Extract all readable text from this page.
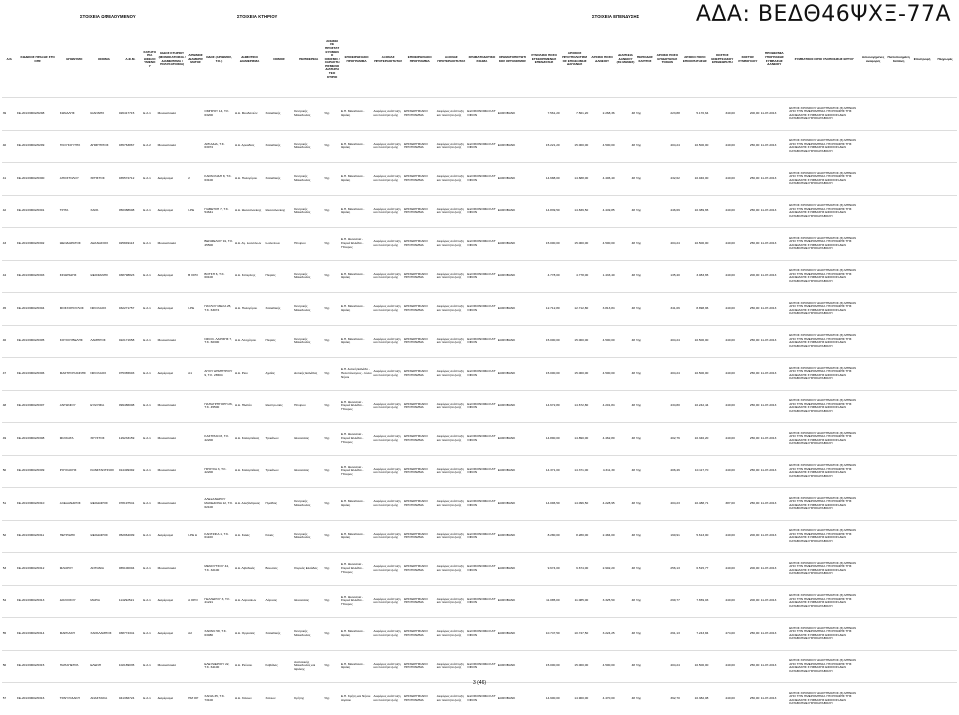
ΑΔΑ: ΒΕΔΘ46ΨΧΞ-77Α
ΣΤΟΙΧΕΙΑ ΩΦΕΛΟΥΜΕΝΟΥ	ΣΤΟΙΧΕΙΑ ΚΤΗΡΙΟΥ	ΣΤΟΙΧΕΙΑ ΕΠΕΝΔΥΣΗΣ
Α/Α	ΚΩΔΙΚΟΣ ΠΡΑΞΗΣ ΣΤΟ ΟΠΣ	ΕΠΩΝΥΜΟ	ΟΝΟΜΑ	Α.Φ.Μ.	ΚΑΤΗΓΟΡΙΑ ΩΦΕΛΟΥΜΕΝΟΥ	ΕΙΔΟΣ ΚΤΗΡΙΟΥ (ΜΟΝΟΚΑΤΟΙΚΙΑ / ΔΙΑΜΕΡΙΣΜΑ / ΠΟΛΥΚΑΤΟΙΚΙΑ)	ΑΡΙΘΜΟΣ ΔΙΑΜΕΡΙΣΜΑΤΟΣ	ΟΔΟΣ (ΑΡΙΘΜΟΣ, Τ.Κ.)	ΔΗΜΟΤΙΚΟ ΔΙΑΜΕΡΙΣΜΑ	ΝΟΜΟΣ	ΠΕΡΙΦΕΡΕΙΑ	ΑΝΗΚΕΙ ΣΕ ΠΡΟΣΤΑΤΕΥΟΜΕΝΟ ΟΙΚΙΣΜΟ / ΧΑΡΑΚΤΗΡΙΣΜΕΝΟ ΔΙΑΤΗΡΗΤΕΟ ΚΤΙΡΙΟ	ΕΠΙΧΕΙΡΗΣΙΑΚΟ ΠΡΟΓΡΑΜΜΑ	ΑΞΟΝΑΣ ΠΡΟΤΕΡΑΙΟΤΗΤΑΣ	ΕΠΙΧΕΙΡΗΣΙΑΚΟ ΠΡΟΓΡΑΜΜΑ	ΑΞΟΝΑΣ ΠΡΟΤΕΡΑΙΟΤΗΤΑΣ	ΧΡΗΜΑΤΟΔΟΤΙΚΟ ΣΧΗΜΑ	ΧΡΗΜΑΤΟΠΙΣΤΩΤΙΚΟΣ ΟΡΓΑΝΙΣΜΟΣ	ΣΥΝΟΛΙΚΟ ΠΟΣΟ ΕΓΚΕΚΡΙΜΕΝΗΣ ΕΠΕΝΔΥΣΗΣ	ΑΡΧΙΚΟΣ ΠΡΟΥΠΟΛΟΓΙΣΜΟΣ ΕΠΙΛΕΞΙΜΗΣ ΔΑΠΑΝΗΣ	ΑΡΧΙΚΟ ΠΟΣΟ ΔΑΝΕΙΟΥ	ΔΙΑΡΚΕΙΑ ΔΑΝΕΙΟΥ (ΣΕ ΜΗΝΕΣ)	ΠΕΡΙΟΔΟΣ ΧΑΡΙΤΟΣ	ΑΡΧΙΚΟ ΠΟΣΟ ΕΠΙΔΟΤΗΣΗΣ ΤΟΚΩΝ	ΑΡΧΙΚΟ ΠΟΣΟ ΕΠΙΧΟΡΗΓΗΣΗΣ	ΚΟΣΤΟΣ ΕΝΕΡΓΕΙΑΚΟΥ ΕΠΙΘΕΩΡΗΤΗ	ΚΟΣΤΟΣ ΣΥΜΒΟΥΛΟΥ	ΠΡΟΘΕΣΜΙΑ ΥΠΟΓΡΑΦΗΣ ΣΥΜΒΑΣΗΣ ΔΑΝΕΙΟΥ	ΣΥΜΒΑΤΙΚΟΙ ΟΡΟΙ ΥΛΟΠΟΙΗΣΗΣ ΕΡΓΟΥ	Αιτιολογημένες αναφορές	Πιστοποιημένη δαπάνη	Επιστροφή	Πληρωμές
39	ΣΕ-2013/0602/0298	ΚΩΝΑΛΗΣ	ΙΩΑΝΝΗΣ	026417715	Ε.Α.1	Μονοκατοικία		ΟΜΗΡΟΥ 14, Τ.Κ. 63200	Δ.Δ. Μουδανιών	Χαλκιδικής	Κεντρικής Μακεδονίας	Όχι	Ε.Π. Μακεδονία - Θράκη	Αειφόρος ανάπτυξη και ποιότητα ζωής	ΕΠΙΧΕΙΡΗΣΙΑΚΟ ΠΡΟΓΡΑΜΜΑ	Αειφόρος ανάπτυξη και ποιότητα ζωής	ΕΞΟΙΚΟΝΟΜΩ ΚΑΤ' ΟΙΚΟΝ	EUROBANK	7.561,20	7.561,20	2.268,36	48	Όχι	223,88	5.170,64	340,00	200,00	11-07-2013	ΕΝΤΟΣ ΧΡΟΝΙΚΟΥ ΔΙΑΣΤΗΜΑΤΟΣ (6) ΜΗΝΩΝ ΑΠΟ ΤΗΝ ΗΜΕΡΟΜΗΝΙΑ ΥΠΟΓΡΑΦΗΣ ΤΗΣ ΔΑΝΕΙΑΚΗΣ ΣΥΜΒΑΣΗΣ ΕΦΟΣΟΝ ΔΕΝ ΚΑΤΑΒΛΗΘΕΙ ΠΡΟΚΑΤΑΒΟΛΗ				
40	ΣΕ-2013/0602/0299	ΓΚΟΥΚΟΥΤΗΣ	ΔΗΜΗΤΡΙΟΣ	035763867	Ε.Α.2	Μονοκατοικία		ΑΡΚΑΔΙΑ, Τ.Κ. 63074	Δ.Δ. Αρκαδίας	Χαλκιδικής	Κεντρικής Μακεδονίας	Όχι	Ε.Π. Μακεδονία - Θράκη	Αειφόρος ανάπτυξη και ποιότητα ζωής	ΕΠΙΧΕΙΡΗΣΙΑΚΟ ΠΡΟΓΡΑΜΜΑ	Αειφόρος ανάπτυξη και ποιότητα ζωής	ΕΞΟΙΚΟΝΟΜΩ ΚΑΤ' ΟΙΚΟΝ	EUROBANK	15.221,20	15.000,00	4.500,00	48	Όχι	404,24	10.500,00	440,00	250,00	11-07-2013	ΕΝΤΟΣ ΧΡΟΝΙΚΟΥ ΔΙΑΣΤΗΜΑΤΟΣ (6) ΜΗΝΩΝ ΑΠΟ ΤΗΝ ΗΜΕΡΟΜΗΝΙΑ ΥΠΟΓΡΑΦΗΣ ΤΗΣ ΔΑΝΕΙΑΚΗΣ ΣΥΜΒΑΣΗΣ ΕΦΟΣΟΝ ΔΕΝ ΚΑΤΑΒΛΗΘΕΙ ΠΡΟΚΑΤΑΒΟΛΗ				
41	ΣΕ-2013/0602/0300	ΑΠΟΣΤΟΛΟΥ	ΧΡΗΣΤΟΣ	035572712	Ε.Α.1	Διαμέρισμα	2	ΚΑΡΑΟΛΙΔΗ 8, Τ.Κ. 63100	Δ.Δ. Πολυγύρου	Χαλκιδικής	Κεντρικής Μακεδονίας	Όχι	Ε.Π. Μακεδονία - Θράκη	Αειφόρος ανάπτυξη και ποιότητα ζωής	ΕΠΙΧΕΙΡΗΣΙΑΚΟ ΠΡΟΓΡΑΜΜΑ	Αειφόρος ανάπτυξη και ποιότητα ζωής	ΕΞΟΙΚΟΝΟΜΩ ΚΑΤ' ΟΙΚΟΝ	EUROBANK	14.688,00	14.688,00	4.406,40	48	Όχι	432,62	10.046,00	440,00	250,00	11-07-2013	ΕΝΤΟΣ ΧΡΟΝΙΚΟΥ ΔΙΑΣΤΗΜΑΤΟΣ (6) ΜΗΝΩΝ ΑΠΟ ΤΗΝ ΗΜΕΡΟΜΗΝΙΑ ΥΠΟΓΡΑΦΗΣ ΤΗΣ ΔΑΝΕΙΑΚΗΣ ΣΥΜΒΑΣΗΣ ΕΦΟΣΟΝ ΔΕΝ ΚΑΤΑΒΛΗΘΕΙ ΠΡΟΚΑΤΑΒΟΛΗ				
42	ΣΕ-2013/0602/0301	ΤΡΙΤΑ	ΧΑΡΑ	050388608	Ε.Α.1	Διαμέρισμα	Ι-ΡΕ	ΓΙΑΒΕΤΣΗ 7, Τ.Κ. 54641	Δ.Δ. Θεσσαλονίκης	Θεσσαλονίκης	Κεντρικής Μακεδονίας	Όχι	Ε.Π. Μακεδονία - Θράκη	Αειφόρος ανάπτυξη και ποιότητα ζωής	ΕΠΙΧΕΙΡΗΣΙΑΚΟ ΠΡΟΓΡΑΜΜΑ	Αειφόρος ανάπτυξη και ποιότητα ζωής	ΕΞΟΙΚΟΝΟΜΩ ΚΑΤ' ΟΙΚΟΝ	EUROBANK	14.839,50	14.839,50	4.449,85	48	Όχι	446,69	10.389,65	440,00	250,00	11-07-2013	ΕΝΤΟΣ ΧΡΟΝΙΚΟΥ ΔΙΑΣΤΗΜΑΤΟΣ (6) ΜΗΝΩΝ ΑΠΟ ΤΗΝ ΗΜΕΡΟΜΗΝΙΑ ΥΠΟΓΡΑΦΗΣ ΤΗΣ ΔΑΝΕΙΑΚΗΣ ΣΥΜΒΑΣΗΣ ΕΦΟΣΟΝ ΔΕΝ ΚΑΤΑΒΛΗΘΕΙ ΠΡΟΚΑΤΑΒΟΛΗ				
43	ΣΕ-2013/0602/0302	ΘΕΟΔΩΡΑΤΟΣ	ΑΘΑΝΑΣΙΟΣ	025849113	Ε.Α.1	Μονοκατοικία		ΒΕΝΙΖΕΛΟΥ 91, Τ.Κ. 45500	Δ.Δ. Αγ. Ιωαννίνων	Ιωαννίνων	Ηπείρου	Όχι	Ε.Π. Θεσσαλία - Στερεά Ελλάδα - Ήπειρος	Αειφόρος ανάπτυξη και ποιότητα ζωής	ΕΠΙΧΕΙΡΗΣΙΑΚΟ ΠΡΟΓΡΑΜΜΑ	Αειφόρος ανάπτυξη και ποιότητα ζωής	ΕΞΟΙΚΟΝΟΜΩ ΚΑΤ' ΟΙΚΟΝ	EUROBANK	15.000,00	15.000,00	4.500,00	48	Όχι	404,24	10.500,00	440,00	250,00	11-07-2013	ΕΝΤΟΣ ΧΡΟΝΙΚΟΥ ΔΙΑΣΤΗΜΑΤΟΣ (6) ΜΗΝΩΝ ΑΠΟ ΤΗΝ ΗΜΕΡΟΜΗΝΙΑ ΥΠΟΓΡΑΦΗΣ ΤΗΣ ΔΑΝΕΙΑΚΗΣ ΣΥΜΒΑΣΗΣ ΕΦΟΣΟΝ ΔΕΝ ΚΑΤΑΒΛΗΘΕΙ ΠΡΟΚΑΤΑΒΟΛΗ				
44	ΣΕ-2013/0602/0303	ΣΙΝΩΠΙΔΗΣ	ΘΕΟΦΑΝΗΣ	038798823	Ε.Α.1	Διαμέρισμα	Β ΟΡΟ	ΒΟΤΣΗ 6, Τ.Κ. 60100	Δ.Δ. Κατερίνης	Πιερίας	Κεντρικής Μακεδονίας	Όχι	Ε.Π. Μακεδονία - Θράκη	Αειφόρος ανάπτυξη και ποιότητα ζωής	ΕΠΙΧΕΙΡΗΣΙΑΚΟ ΠΡΟΓΡΑΜΜΑ	Αειφόρος ανάπτυξη και ποιότητα ζωής	ΕΞΟΙΚΟΝΟΜΩ ΚΑΤ' ΟΙΚΟΝ	EUROBANK	4.778,00	4.778,00	1.433,40	48	Όχι	135,40	3.083,65	440,00	200,00	11-07-2013	ΕΝΤΟΣ ΧΡΟΝΙΚΟΥ ΔΙΑΣΤΗΜΑΤΟΣ (6) ΜΗΝΩΝ ΑΠΟ ΤΗΝ ΗΜΕΡΟΜΗΝΙΑ ΥΠΟΓΡΑΦΗΣ ΤΗΣ ΔΑΝΕΙΑΚΗΣ ΣΥΜΒΑΣΗΣ ΕΦΟΣΟΝ ΔΕΝ ΚΑΤΑΒΛΗΘΕΙ ΠΡΟΚΑΤΑΒΟΛΗ				
45	ΣΕ-2013/0602/0304	ΜΟΣΧΟΠΟΥΛΟΣ	ΝΙΚΟΛΑΟΣ	032271757	Ε.Α.1	Διαμέρισμα	Ι-ΡΕ	ΠΑΥΛΟΥ ΜΕΛΑ 25, Τ.Κ. 63074	Δ.Δ. Πολυγύρου	Χαλκιδικής	Κεντρικής Μακεδονίας	Όχι	Ε.Π. Μακεδονία - Θράκη	Αειφόρος ανάπτυξη και ποιότητα ζωής	ΕΠΙΧΕΙΡΗΣΙΑΚΟ ΠΡΟΓΡΑΜΜΑ	Αειφόρος ανάπτυξη και ποιότητα ζωής	ΕΞΟΙΚΟΝΟΜΩ ΚΑΤ' ΟΙΚΟΝ	EUROBANK	12.712,80	12.712,80	3.813,84	48	Όχι	341,06	8.898,96	440,00	250,00	11-07-2013	ΕΝΤΟΣ ΧΡΟΝΙΚΟΥ ΔΙΑΣΤΗΜΑΤΟΣ (6) ΜΗΝΩΝ ΑΠΟ ΤΗΝ ΗΜΕΡΟΜΗΝΙΑ ΥΠΟΓΡΑΦΗΣ ΤΗΣ ΔΑΝΕΙΑΚΗΣ ΣΥΜΒΑΣΗΣ ΕΦΟΣΟΝ ΔΕΝ ΚΑΤΑΒΛΗΘΕΙ ΠΡΟΚΑΤΑΒΟΛΗ				
46	ΣΕ-2013/0602/0305	ΚΟΥΚΟΥΒΕΛΗΣ	ΛΑΜΠΡΟΣ	022171658	Ε.Α.1	Μονοκατοικία		ΝΙΚΟΛ. ΛΑΡΙΣΗΣ 7, Τ.Κ. 60300	Δ.Δ. Λιτοχώρου	Πιερίας	Κεντρικής Μακεδονίας	Όχι	Ε.Π. Μακεδονία - Θράκη	Αειφόρος ανάπτυξη και ποιότητα ζωής	ΕΠΙΧΕΙΡΗΣΙΑΚΟ ΠΡΟΓΡΑΜΜΑ	Αειφόρος ανάπτυξη και ποιότητα ζωής	ΕΞΟΙΚΟΝΟΜΩ ΚΑΤ' ΟΙΚΟΝ	EUROBANK	15.000,00	15.000,00	4.500,00	48	Όχι	404,24	10.500,00	440,00	250,00	11-07-2013	ΕΝΤΟΣ ΧΡΟΝΙΚΟΥ ΔΙΑΣΤΗΜΑΤΟΣ (6) ΜΗΝΩΝ ΑΠΟ ΤΗΝ ΗΜΕΡΟΜΗΝΙΑ ΥΠΟΓΡΑΦΗΣ ΤΗΣ ΔΑΝΕΙΑΚΗΣ ΣΥΜΒΑΣΗΣ ΕΦΟΣΟΝ ΔΕΝ ΚΑΤΑΒΛΗΘΕΙ ΠΡΟΚΑΤΑΒΟΛΗ				
47	ΣΕ-2013/0602/0306	ΜΑΣΤΡΟΓΙΑΝΝΗΣ	ΝΙΚΟΛΑΟΣ	075365603	Ε.Α.1	Διαμέρισμα	Α1	ΑΓΙΟΥ ΔΗΜΗΤΡΙΟΥ 9, Τ.Κ. 26504	Δ.Δ. Ρίου	Αχαΐας	Δυτικής Ελλάδας	Όχι	Ε.Π. Δυτική Ελλάδα - Πελοπόννησος - Ιόνιοι Νήσοι	Αειφόρος ανάπτυξη και ποιότητα ζωής	ΕΠΙΧΕΙΡΗΣΙΑΚΟ ΠΡΟΓΡΑΜΜΑ	Αειφόρος ανάπτυξη και ποιότητα ζωής	ΕΞΟΙΚΟΝΟΜΩ ΚΑΤ' ΟΙΚΟΝ	EUROBANK	15.000,00	15.000,00	4.500,00	48	Όχι	404,24	10.500,00	440,00	250,00	11-07-2013	ΕΝΤΟΣ ΧΡΟΝΙΚΟΥ ΔΙΑΣΤΗΜΑΤΟΣ (6) ΜΗΝΩΝ ΑΠΟ ΤΗΝ ΗΜΕΡΟΜΗΝΙΑ ΥΠΟΓΡΑΦΗΣ ΤΗΣ ΔΑΝΕΙΑΚΗΣ ΣΥΜΒΑΣΗΣ ΕΦΟΣΟΝ ΔΕΝ ΚΑΤΑΒΛΗΘΕΙ ΠΡΟΚΑΤΑΒΟΛΗ				
48	ΣΕ-2013/0602/0307	ΑΝΤΩΝΙΟΥ	ΕΥΘΥΜΙΑ	099486008	Ε.Α.1	Μονοκατοικία		ΠΑΠΑΓΡΗΓΟΡΗ 26, Τ.Κ. 45500	Δ.Δ. Πλαϊών	Θεσπρωτίας	Ηπείρου	Όχι	Ε.Π. Θεσσαλία - Στερεά Ελλάδα - Ήπειρος	Αειφόρος ανάπτυξη και ποιότητα ζωής	ΕΠΙΧΕΙΡΗΣΙΑΚΟ ΠΡΟΓΡΑΜΜΑ	Αειφόρος ανάπτυξη και ποιότητα ζωής	ΕΞΟΙΚΟΝΟΜΩ ΚΑΤ' ΟΙΚΟΝ	EUROBANK	14.672,80	14.672,80	4.201,84	48	Όχι	434,80	10.242,44	440,00	250,00	11-07-2013	ΕΝΤΟΣ ΧΡΟΝΙΚΟΥ ΔΙΑΣΤΗΜΑΤΟΣ (6) ΜΗΝΩΝ ΑΠΟ ΤΗΝ ΗΜΕΡΟΜΗΝΙΑ ΥΠΟΓΡΑΦΗΣ ΤΗΣ ΔΑΝΕΙΑΚΗΣ ΣΥΜΒΑΣΗΣ ΕΦΟΣΟΝ ΔΕΝ ΚΑΤΑΒΛΗΘΕΙ ΠΡΟΚΑΤΑΒΟΛΗ				
49	ΣΕ-2013/0602/0308	ΦΙΛΙΚΑΤΑ	ΧΡΥΣΤΟΣ	129233159	Ε.Α.1	Μονοκατοικία		ΚΑΣΤΡΙΑΝ 8, Τ.Κ. 42200	Δ.Δ. Καλαμπάκας	Τρικάλων	Θεσσαλίας	Όχι	Ε.Π. Θεσσαλία - Στερεά Ελλάδα - Ήπειρος	Αειφόρος ανάπτυξη και ποιότητα ζωής	ΕΠΙΧΕΙΡΗΣΙΑΚΟ ΠΡΟΓΡΑΜΜΑ	Αειφόρος ανάπτυξη και ποιότητα ζωής	ΕΞΟΙΚΟΝΟΜΩ ΚΑΤ' ΟΙΚΟΝ	EUROBANK	14.890,00	14.890,00	4.462,80	48	Όχι	402,76	10.346,20	440,00	250,00	11-07-2013	ΕΝΤΟΣ ΧΡΟΝΙΚΟΥ ΔΙΑΣΤΗΜΑΤΟΣ (6) ΜΗΝΩΝ ΑΠΟ ΤΗΝ ΗΜΕΡΟΜΗΝΙΑ ΥΠΟΓΡΑΦΗΣ ΤΗΣ ΔΑΝΕΙΑΚΗΣ ΣΥΜΒΑΣΗΣ ΕΦΟΣΟΝ ΔΕΝ ΚΑΤΑΒΛΗΘΕΙ ΠΡΟΚΑΤΑΒΟΛΗ				
50	ΣΕ-2013/0602/0309	ΡΟΥΣΑΚΗΣ	ΚΩΝΣΤΑΝΤΙΝΟΣ	014499392	Ε.Α.1	Μονοκατοικία		ΠΡΟΥΣΑ 3, Τ.Κ. 42200	Δ.Δ. Καλαμπάκας	Τρικάλων	Θεσσαλίας	Όχι	Ε.Π. Θεσσαλία - Στερεά Ελλάδα - Ήπειρος	Αειφόρος ανάπτυξη και ποιότητα ζωής	ΕΠΙΧΕΙΡΗΣΙΑΚΟ ΠΡΟΓΡΑΜΜΑ	Αειφόρος ανάπτυξη και ποιότητα ζωής	ΕΞΟΙΚΟΝΟΜΩ ΚΑΤ' ΟΙΚΟΝ	EUROBANK	14.371,00	14.371,00	4.311,30	48	Όχι	406,46	10.117,70	440,00	250,00	11-07-2013	ΕΝΤΟΣ ΧΡΟΝΙΚΟΥ ΔΙΑΣΤΗΜΑΤΟΣ (6) ΜΗΝΩΝ ΑΠΟ ΤΗΝ ΗΜΕΡΟΜΗΝΙΑ ΥΠΟΓΡΑΦΗΣ ΤΗΣ ΔΑΝΕΙΑΚΗΣ ΣΥΜΒΑΣΗΣ ΕΦΟΣΟΝ ΔΕΝ ΚΑΤΑΒΛΗΘΕΙ ΠΡΟΚΑΤΑΒΟΛΗ				
51	ΣΕ-2013/0602/0310	ΑΛΕΞΑΝΔΡΟΣ	ΘΕΟΔΩΡΟΣ	078197541	Ε.Α.1	Μονοκατοικία		ΑΛΕΞΑΝΔΡΟΥ ΜΑΚΕΔΟΝΑ 12, Τ.Κ. 62100	Δ.Δ. Αλεξάνδρειας	Ημαθίας	Κεντρικής Μακεδονίας	Όχι	Ε.Π. Μακεδονία - Θράκη	Αειφόρος ανάπτυξη και ποιότητα ζωής	ΕΠΙΧΕΙΡΗΣΙΑΚΟ ΠΡΟΓΡΑΜΜΑ	Αειφόρος ανάπτυξη και ποιότητα ζωής	ΕΞΟΙΚΟΝΟΜΩ ΚΑΤ' ΟΙΚΟΝ	EUROBANK	14.096,50	14.096,50	4.228,95	48	Όχι	404,23	10.488,71	387,00	250,00	11-07-2013	ΕΝΤΟΣ ΧΡΟΝΙΚΟΥ ΔΙΑΣΤΗΜΑΤΟΣ (6) ΜΗΝΩΝ ΑΠΟ ΤΗΝ ΗΜΕΡΟΜΗΝΙΑ ΥΠΟΓΡΑΦΗΣ ΤΗΣ ΔΑΝΕΙΑΚΗΣ ΣΥΜΒΑΣΗΣ ΕΦΟΣΟΝ ΔΕΝ ΚΑΤΑΒΛΗΘΕΙ ΠΡΟΚΑΤΑΒΟΛΗ				
52	ΣΕ-2013/0602/0311	ΠΕΤΡΙΔΗΣ	ΘΕΟΔΩΡΟΣ	052964009	Ε.Α.1	Διαμέρισμα	Ι-ΡΕ Δ	ΚΑΝΤΖΙΚΑ 1, Τ.Κ. 61100	Δ.Δ. Κιλκίς	Κιλκίς	Κεντρικής Μακεδονίας	Όχι	Ε.Π. Μακεδονία - Θράκη	Αειφόρος ανάπτυξη και ποιότητα ζωής	ΕΠΙΧΕΙΡΗΣΙΑΚΟ ΠΡΟΓΡΑΜΜΑ	Αειφόρος ανάπτυξη και ποιότητα ζωής	ΕΞΟΙΚΟΝΟΜΩ ΚΑΤ' ΟΙΚΟΝ	EUROBANK	8.280,00	8.280,00	2.484,00	48	Όχι	190,91	5.613,00	440,00	200,00	11-07-2013	ΕΝΤΟΣ ΧΡΟΝΙΚΟΥ ΔΙΑΣΤΗΜΑΤΟΣ (6) ΜΗΝΩΝ ΑΠΟ ΤΗΝ ΗΜΕΡΟΜΗΝΙΑ ΥΠΟΓΡΑΦΗΣ ΤΗΣ ΔΑΝΕΙΑΚΗΣ ΣΥΜΒΑΣΗΣ ΕΦΟΣΟΝ ΔΕΝ ΚΑΤΑΒΛΗΘΕΙ ΠΡΟΚΑΤΑΒΟΛΗ				
53	ΣΕ-2013/0602/0312	ΦΛΩΡΟΥ	ΑΝΤΩΝΙΑ	065100004	Ε.Α.1	Μονοκατοικία		ΜΕΝΟΥΤΣΟΥ 44, Τ.Κ. 32100	Δ.Δ. Λιβαδειάς	Βοιωτίας	Στερεάς Ελλάδας	Όχι	Ε.Π. Θεσσαλία - Στερεά Ελλάδα - Ήπειρος	Αειφόρος ανάπτυξη και ποιότητα ζωής	ΕΠΙΧΕΙΡΗΣΙΑΚΟ ΠΡΟΓΡΑΜΜΑ	Αειφόρος ανάπτυξη και ποιότητα ζωής	ΕΞΟΙΚΟΝΟΜΩ ΚΑΤ' ΟΙΚΟΝ	EUROBANK	9.674,00	9.674,00	2.902,20	48	Όχι	256,13	6.515,77	440,00	200,00	11-07-2013	ΕΝΤΟΣ ΧΡΟΝΙΚΟΥ ΔΙΑΣΤΗΜΑΤΟΣ (6) ΜΗΝΩΝ ΑΠΟ ΤΗΝ ΗΜΕΡΟΜΗΝΙΑ ΥΠΟΓΡΑΦΗΣ ΤΗΣ ΔΑΝΕΙΑΚΗΣ ΣΥΜΒΑΣΗΣ ΕΦΟΣΟΝ ΔΕΝ ΚΑΤΑΒΛΗΘΕΙ ΠΡΟΚΑΤΑΒΟΛΗ				
54	ΣΕ-2013/0602/0313	ΔΟΛΙΟΣΟΥ	ΜΑΡΙΑ	114292521	Ε.Α.1	Διαμέρισμα	Α ΟΡΟ	ΓΕΛΛΕΡΟΥ 3, Τ.Κ. 41221	Δ.Δ. Λαρισαίων	Λάρισας	Θεσσαλίας	Όχι	Ε.Π. Θεσσαλία - Στερεά Ελλάδα - Ήπειρος	Αειφόρος ανάπτυξη και ποιότητα ζωής	ΕΠΙΧΕΙΡΗΣΙΑΚΟ ΠΡΟΓΡΑΜΜΑ	Αειφόρος ανάπτυξη και ποιότητα ζωής	ΕΞΟΙΚΟΝΟΜΩ ΚΑΤ' ΟΙΚΟΝ	EUROBANK	11.085,00	11.085,00	3.325,50	48	Όχι	299,77	7.659,03	440,00	200,00	11-07-2013	ΕΝΤΟΣ ΧΡΟΝΙΚΟΥ ΔΙΑΣΤΗΜΑΤΟΣ (6) ΜΗΝΩΝ ΑΠΟ ΤΗΝ ΗΜΕΡΟΜΗΝΙΑ ΥΠΟΓΡΑΦΗΣ ΤΗΣ ΔΑΝΕΙΑΚΗΣ ΣΥΜΒΑΣΗΣ ΕΦΟΣΟΝ ΔΕΝ ΚΑΤΑΒΛΗΘΕΙ ΠΡΟΚΑΤΑΒΟΛΗ				
55	ΣΕ-2013/0602/0314	ΜΑΡΚΑΚΗ	ΧΑΡΑΛΑΜΠΟΣ	038774341	Ε.Α.1	Διαμέρισμα	Α2	ΧΑΡΑΚΙ 58, Τ.Κ. 63080	Δ.Δ. Ορμυλίας	Χαλκιδικής	Κεντρικής Μακεδονίας	Όχι	Ε.Π. Μακεδονία - Θράκη	Αειφόρος ανάπτυξη και ποιότητα ζωής	ΕΠΙΧΕΙΡΗΣΙΑΚΟ ΠΡΟΓΡΑΜΜΑ	Αειφόρος ανάπτυξη και ποιότητα ζωής	ΕΞΟΙΚΟΝΟΜΩ ΚΑΤ' ΟΙΚΟΝ	EUROBANK	10.747,50	10.747,50	3.224,25	48	Όχι	291,13	7.243,84	474,00	250,00	11-07-2013	ΕΝΤΟΣ ΧΡΟΝΙΚΟΥ ΔΙΑΣΤΗΜΑΤΟΣ (6) ΜΗΝΩΝ ΑΠΟ ΤΗΝ ΗΜΕΡΟΜΗΝΙΑ ΥΠΟΓΡΑΦΗΣ ΤΗΣ ΔΑΝΕΙΑΚΗΣ ΣΥΜΒΑΣΗΣ ΕΦΟΣΟΝ ΔΕΝ ΚΑΤΑΒΛΗΘΕΙ ΠΡΟΚΑΤΑΒΟΛΗ				
56	ΣΕ-2013/0602/0315	ΠΑΠΑΠΕΤΡΑ	ΕΛΕΝΗ	102189035	Ε.Α.1	Μονοκατοικία		ΕΛΕΥΘΕΡΙΟΥ 22, Τ.Κ. 64100	Δ.Δ. Ρεύσου	Καβάλας	Ανατολικής Μακεδονίας και Θράκης	Όχι	Ε.Π. Μακεδονία - Θράκη	Αειφόρος ανάπτυξη και ποιότητα ζωής	ΕΠΙΧΕΙΡΗΣΙΑΚΟ ΠΡΟΓΡΑΜΜΑ	Αειφόρος ανάπτυξη και ποιότητα ζωής	ΕΞΟΙΚΟΝΟΜΩ ΚΑΤ' ΟΙΚΟΝ	EUROBANK	15.000,00	15.000,00	4.500,00	48	Όχι	404,24	10.500,00	440,00	250,00	11-07-2013	ΕΝΤΟΣ ΧΡΟΝΙΚΟΥ ΔΙΑΣΤΗΜΑΤΟΣ (6) ΜΗΝΩΝ ΑΠΟ ΤΗΝ ΗΜΕΡΟΜΗΝΙΑ ΥΠΟΓΡΑΦΗΣ ΤΗΣ ΔΑΝΕΙΑΚΗΣ ΣΥΜΒΑΣΗΣ ΕΦΟΣΟΝ ΔΕΝ ΚΑΤΑΒΛΗΘΕΙ ΠΡΟΚΑΤΑΒΟΛΗ				
57	ΣΕ-2013/0602/0316	ΤΡΑΓΟΥΔΑΚΗ	ΑΝΑΣΤΑΣΙΑ	041366724	Ε.Α.1	Διαμέρισμα	ΗΜ ΟΡ	ΧΑΝΙΑ 35, Τ.Κ. 73100	Δ.Δ. Χανίων	Χανίων	Κρήτης	Όχι	Ε.Π. Κρήτη και Νήσοι Αιγαίου	Αειφόρος ανάπτυξη και ποιότητα ζωής	ΕΠΙΧΕΙΡΗΣΙΑΚΟ ΠΡΟΓΡΑΜΜΑ	Αειφόρος ανάπτυξη και ποιότητα ζωής	ΕΞΟΙΚΟΝΟΜΩ ΚΑΤ' ΟΙΚΟΝ	EUROBANK	14.900,00	14.900,00	4.470,00	48	Όχι	392,70	10.382,08	440,00	250,00	11-07-2013	ΕΝΤΟΣ ΧΡΟΝΙΚΟΥ ΔΙΑΣΤΗΜΑΤΟΣ (6) ΜΗΝΩΝ ΑΠΟ ΤΗΝ ΗΜΕΡΟΜΗΝΙΑ ΥΠΟΓΡΑΦΗΣ ΤΗΣ ΔΑΝΕΙΑΚΗΣ ΣΥΜΒΑΣΗΣ ΕΦΟΣΟΝ ΔΕΝ ΚΑΤΑΒΛΗΘΕΙ ΠΡΟΚΑΤΑΒΟΛΗ				
3 (46)
